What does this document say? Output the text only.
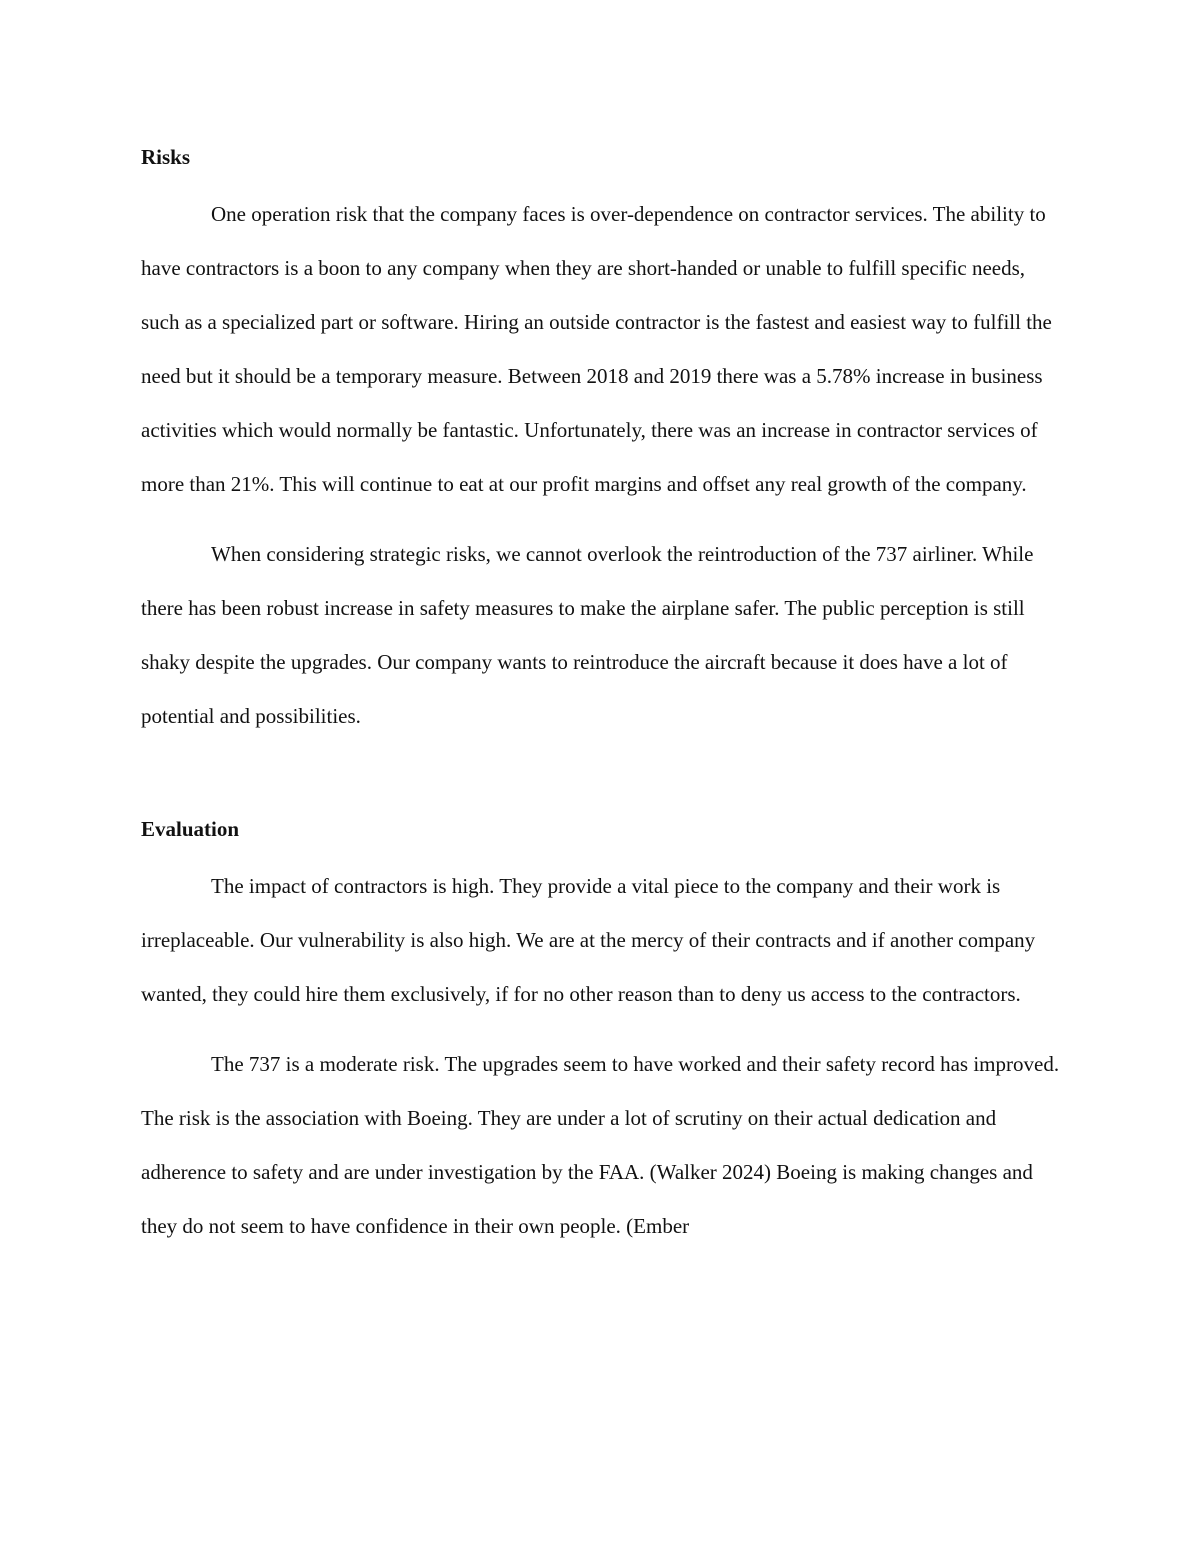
Risks

One operation risk that the company faces is over-dependence on contractor services. The ability to have contractors is a boon to any company when they are short-handed or unable to fulfill specific needs, such as a specialized part or software. Hiring an outside contractor is the fastest and easiest way to fulfill the need but it should be a temporary measure. Between 2018 and 2019 there was a 5.78% increase in business activities which would normally be fantastic. Unfortunately, there was an increase in contractor services of more than 21%. This will continue to eat at our profit margins and offset any real growth of the company.

When considering strategic risks, we cannot overlook the reintroduction of the 737 airliner. While there has been robust increase in safety measures to make the airplane safer. The public perception is still shaky despite the upgrades. Our company wants to reintroduce the aircraft because it does have a lot of potential and possibilities.

Evaluation

The impact of contractors is high. They provide a vital piece to the company and their work is irreplaceable. Our vulnerability is also high. We are at the mercy of their contracts and if another company wanted, they could hire them exclusively, if for no other reason than to deny us access to the contractors.

The 737 is a moderate risk. The upgrades seem to have worked and their safety record has improved. The risk is the association with Boeing. They are under a lot of scrutiny on their actual dedication and adherence to safety and are under investigation by the FAA. (Walker 2024) Boeing is making changes and they do not seem to have confidence in their own people. (Ember
